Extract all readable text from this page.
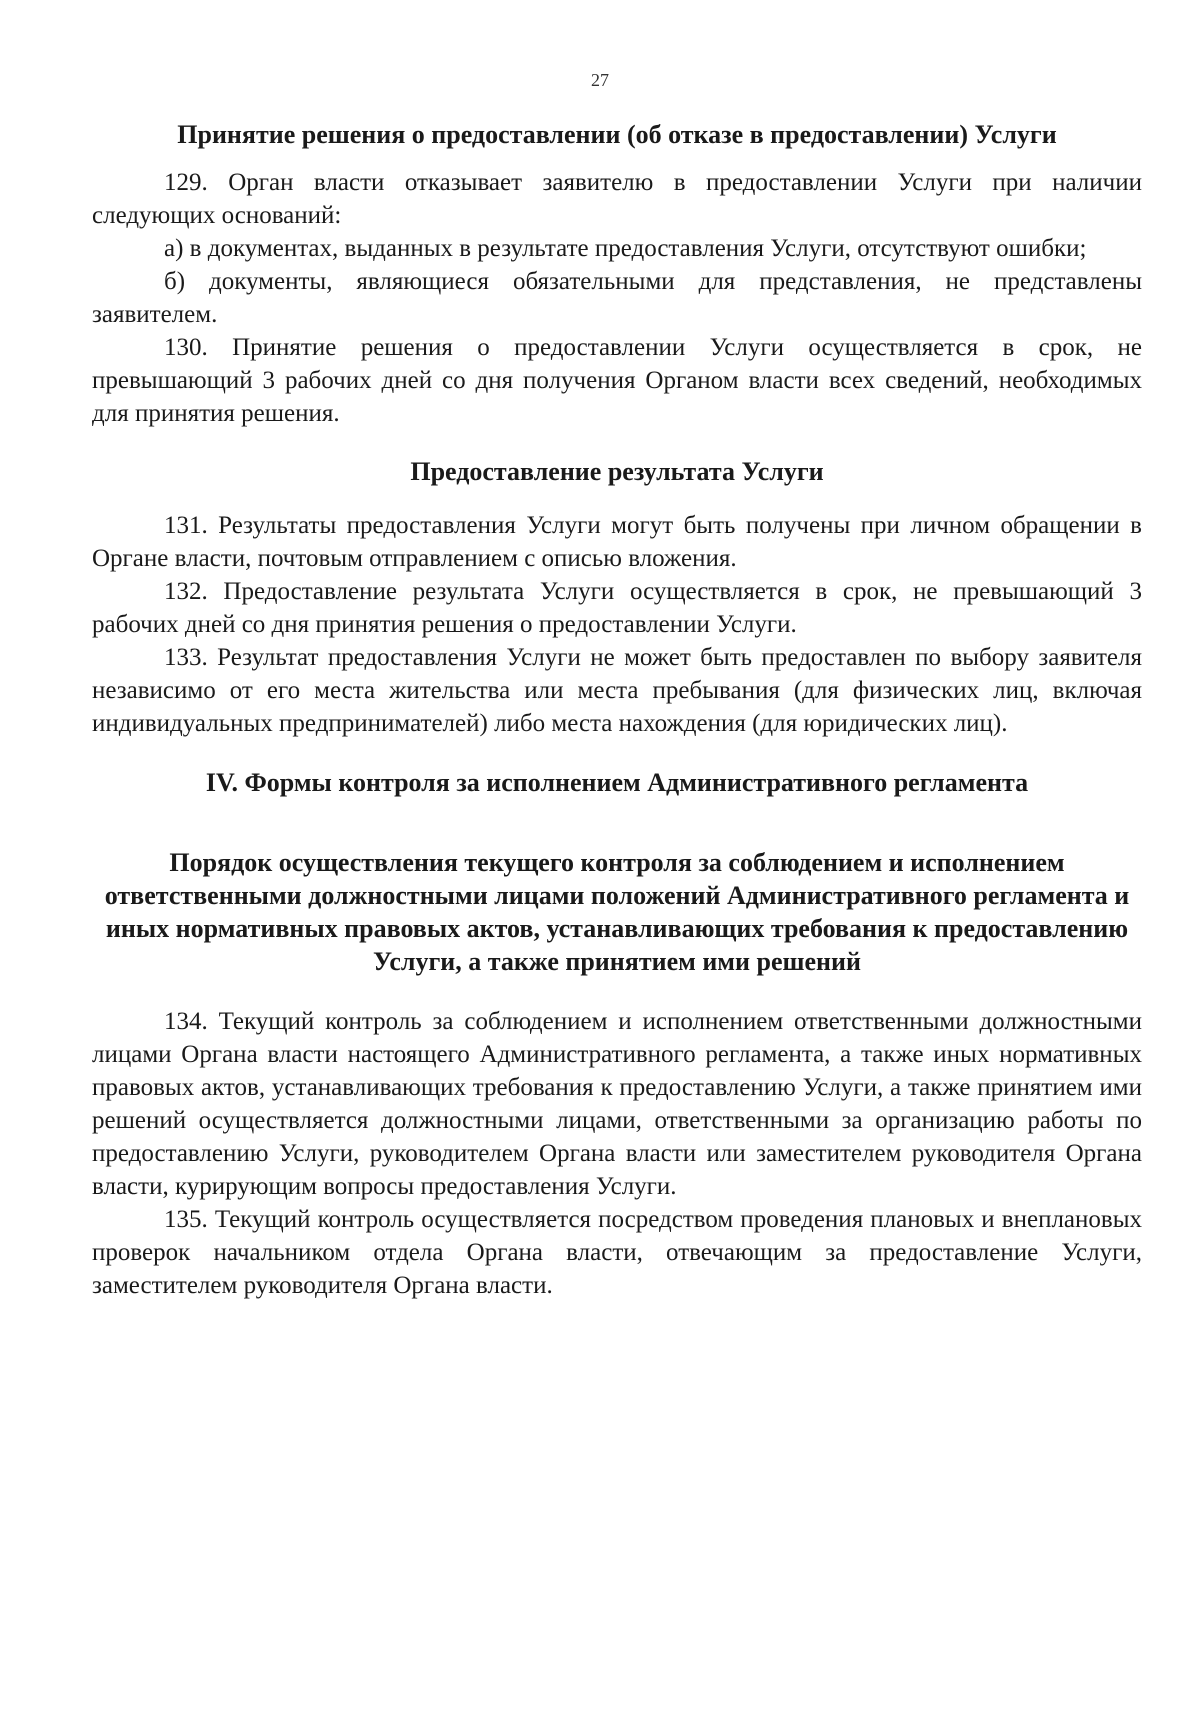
27

Принятие решения о предоставлении (об отказе в предоставлении) Услуги

129. Орган власти отказывает заявителю в предоставлении Услуги при наличии следующих оснований:

а) в документах, выданных в результате предоставления Услуги, отсутствуют ошибки;

б) документы, являющиеся обязательными для представления, не представлены заявителем.

130. Принятие решения о предоставлении Услуги осуществляется в срок, не превышающий 3 рабочих дней со дня получения Органом власти всех сведений, необходимых для принятия решения.

Предоставление результата Услуги

131. Результаты предоставления Услуги могут быть получены при личном обращении в Органе власти, почтовым отправлением с описью вложения.

132. Предоставление результата Услуги осуществляется в срок, не превышающий 3 рабочих дней со дня принятия решения о предоставлении Услуги.

133. Результат предоставления Услуги не может быть предоставлен по выбору заявителя независимо от его места жительства или места пребывания (для физических лиц, включая индивидуальных предпринимателей) либо места нахождения (для юридических лиц).

IV. Формы контроля за исполнением Административного регламента

Порядок осуществления текущего контроля за соблюдением и исполнением ответственными должностными лицами положений Административного регламента и иных нормативных правовых актов, устанавливающих требования к предоставлению Услуги, а также принятием ими решений

134. Текущий контроль за соблюдением и исполнением ответственными должностными лицами Органа власти настоящего Административного регламента, а также иных нормативных правовых актов, устанавливающих требования к предоставлению Услуги, а также принятием ими решений осуществляется должностными лицами, ответственными за организацию работы по предоставлению Услуги, руководителем Органа власти или заместителем руководителя Органа власти, курирующим вопросы предоставления Услуги.

135. Текущий контроль осуществляется посредством проведения плановых и внеплановых проверок начальником отдела Органа власти, отвечающим за предоставление Услуги, заместителем руководителя Органа власти.
